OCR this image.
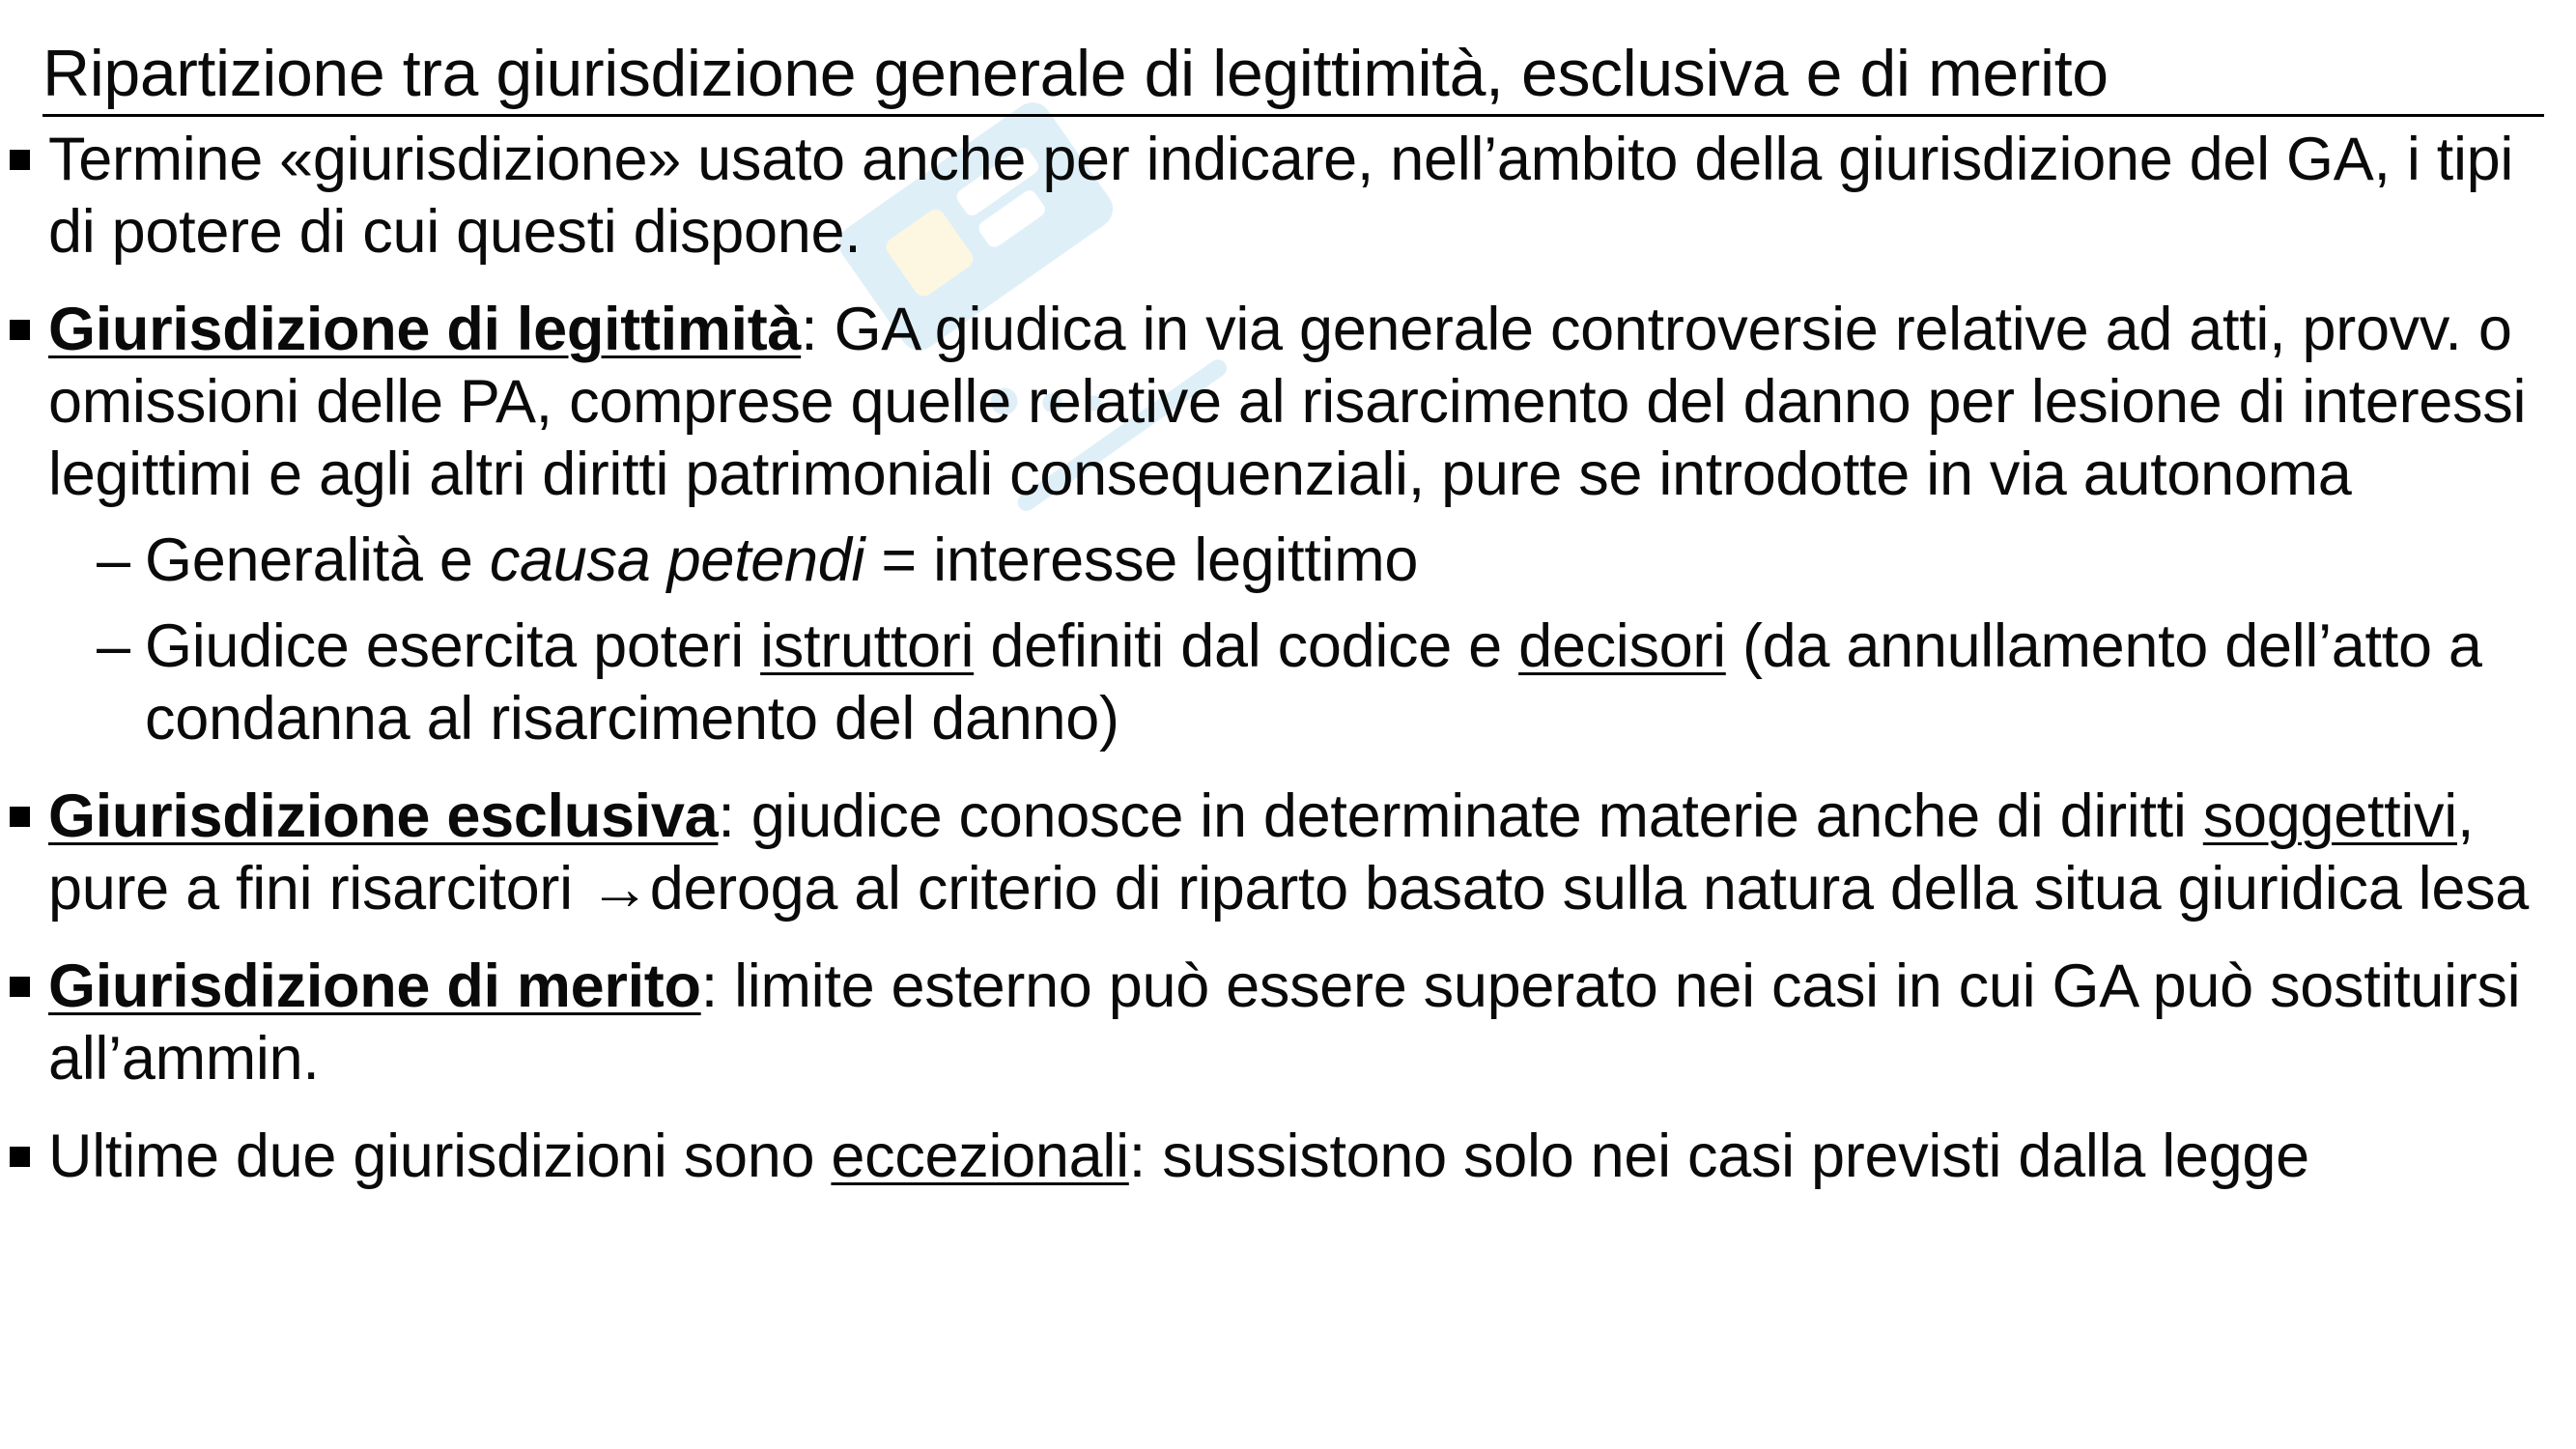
Ripartizione tra giurisdizione generale di legittimità, esclusiva e di merito
Termine «giurisdizione» usato anche per indicare, nell’ambito della giurisdizione del GA, i tipi di potere di cui questi dispone.
Giurisdizione di legittimità: GA giudica in via generale controversie relative ad atti, provv. o omissioni delle PA, comprese quelle relative al risarcimento del danno per lesione di interessi legittimi e agli altri diritti patrimoniali consequenziali, pure se introdotte in via autonoma
– Generalità e causa petendi = interesse legittimo
– Giudice esercita poteri istruttori definiti dal codice e decisori (da annullamento dell’atto a condanna al risarcimento del danno)
Giurisdizione esclusiva: giudice conosce in determinate materie anche di diritti soggettivi, pure a fini risarcitori →deroga al criterio di riparto basato sulla natura della situa giuridica lesa
Giurisdizione di merito: limite esterno può essere superato nei casi in cui GA può sostituirsi all’ammin.
Ultime due giurisdizioni sono eccezionali: sussistono solo nei casi previsti dalla legge
